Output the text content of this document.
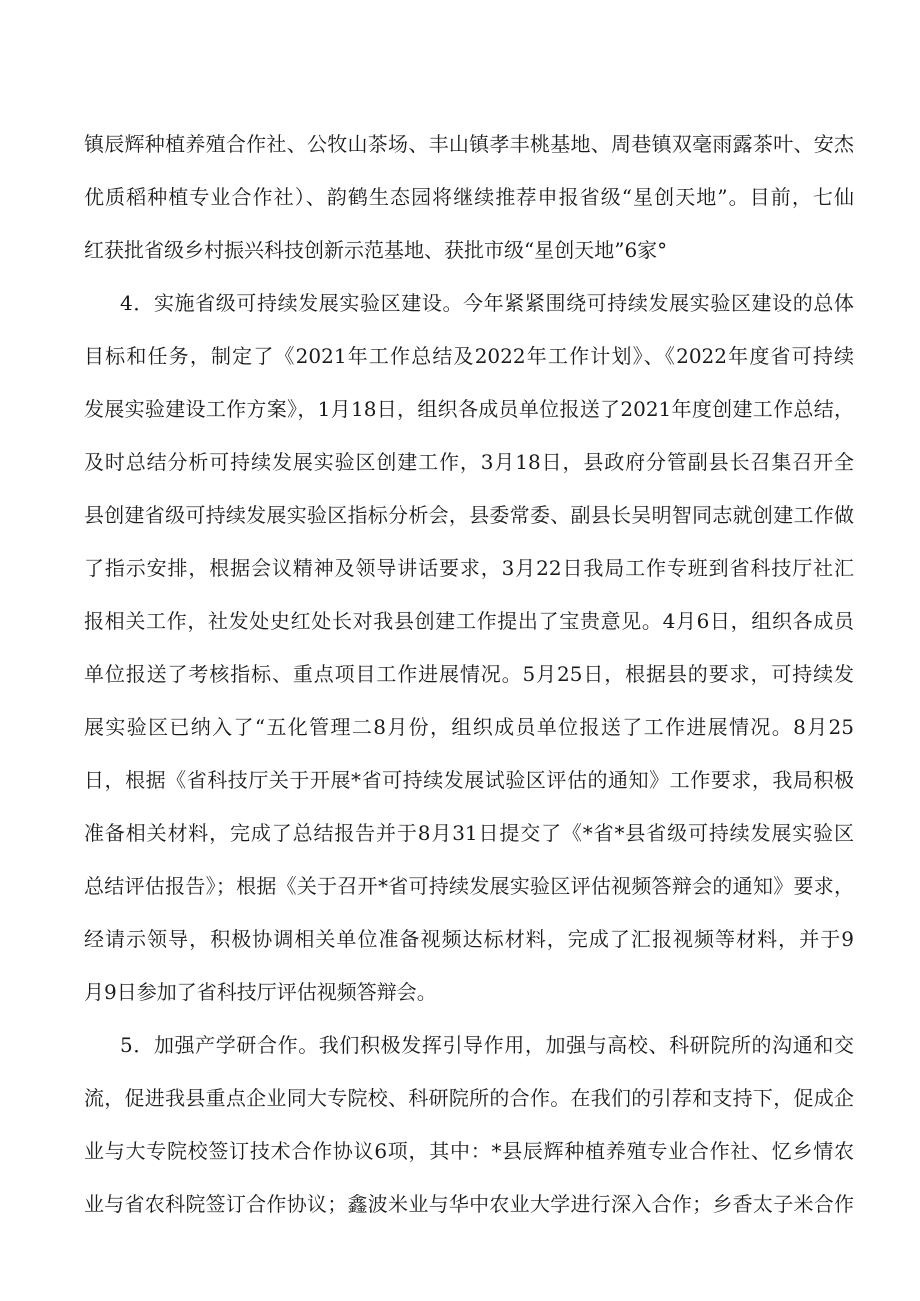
镇辰辉种植养殖合作社、公牧山茶场、丰山镇孝丰桃基地、周巷镇双毫雨露茶叶、安杰
优质稻种植专业合作社）、韵鹤生态园将继续推荐申报省级“星创天地”。目前，七仙
红获批省级乡村振兴科技创新示范基地、获批市级“星创天地”6家°
4．实施省级可持续发展实验区建设。今年紧紧围绕可持续发展实验区建设的总体
目标和任务，制定了《2021年工作总结及2022年工作计划》、《2022年度省可持续
发展实验建设工作方案》，1月18日，组织各成员单位报送了2021年度创建工作总结，
及时总结分析可持续发展实验区创建工作，3月18日，县政府分管副县长召集召开全
县创建省级可持续发展实验区指标分析会，县委常委、副县长吴明智同志就创建工作做
了指示安排，根据会议精神及领导讲话要求，3月22日我局工作专班到省科技厅社汇
报相关工作，社发处史红处长对我县创建工作提出了宝贵意见。4月6日，组织各成员
单位报送了考核指标、重点项目工作进展情况。5月25日，根据县的要求，可持续发
展实验区已纳入了“五化管理二8月份，组织成员单位报送了工作进展情况。8月25
日，根据《省科技厅关于开展*省可持续发展试验区评估的通知》工作要求，我局积极
准备相关材料，完成了总结报告并于8月31日提交了《*省*县省级可持续发展实验区
总结评估报告》；根据《关于召开*省可持续发展实验区评估视频答辩会的通知》要求，
经请示领导，积极协调相关单位准备视频达标材料，完成了汇报视频等材料，并于9
月9日参加了省科技厅评估视频答辩会。
5．加强产学研合作。我们积极发挥引导作用，加强与高校、科研院所的沟通和交
流，促进我县重点企业同大专院校、科研院所的合作。在我们的引荐和支持下，促成企
业与大专院校签订技术合作协议6项，其中：*县辰辉种植养殖专业合作社、忆乡情农
业与省农科院签订合作协议；鑫波米业与华中农业大学进行深入合作；乡香太子米合作
